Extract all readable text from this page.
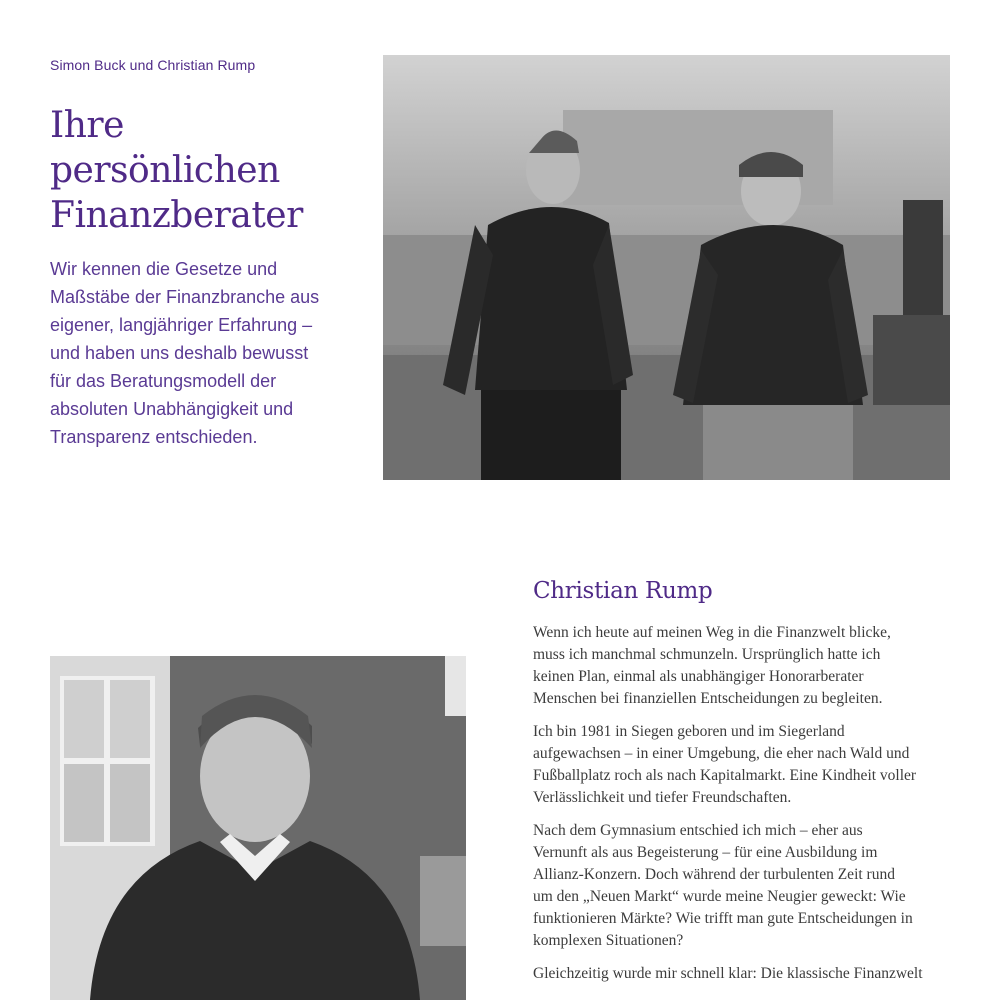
Simon Buck und Christian Rump
Ihre
persönlichen
Finanzberater
Wir kennen die Gesetze und
Maßstäbe der Finanzbranche aus
eigener, langjähriger Erfahrung –
und haben uns deshalb bewusst
für das Beratungsmodell der
absoluten Unabhängigkeit und
Transparenz entschieden.
Christian Rump

Wenn ich heute auf meinen Weg in die Finanzwelt blicke,
muss ich manchmal schmunzeln. Ursprünglich hatte ich
keinen Plan, einmal als unabhängiger Honorarberater
Menschen bei finanziellen Entscheidungen zu begleiten.

Ich bin 1981 in Siegen geboren und im Siegerland
aufgewachsen – in einer Umgebung, die eher nach Wald und
Fußballplatz roch als nach Kapitalmarkt. Eine Kindheit voller
Verlässlichkeit und tiefer Freundschaften.

Nach dem Gymnasium entschied ich mich – eher aus
Vernunft als aus Begeisterung – für eine Ausbildung im
Allianz-Konzern. Doch während der turbulenten Zeit rund
um den „Neuen Markt“ wurde meine Neugier geweckt: Wie
funktionieren Märkte? Wie trifft man gute Entscheidungen in
komplexen Situationen?

Gleichzeitig wurde mir schnell klar: Die klassische Finanzwelt
